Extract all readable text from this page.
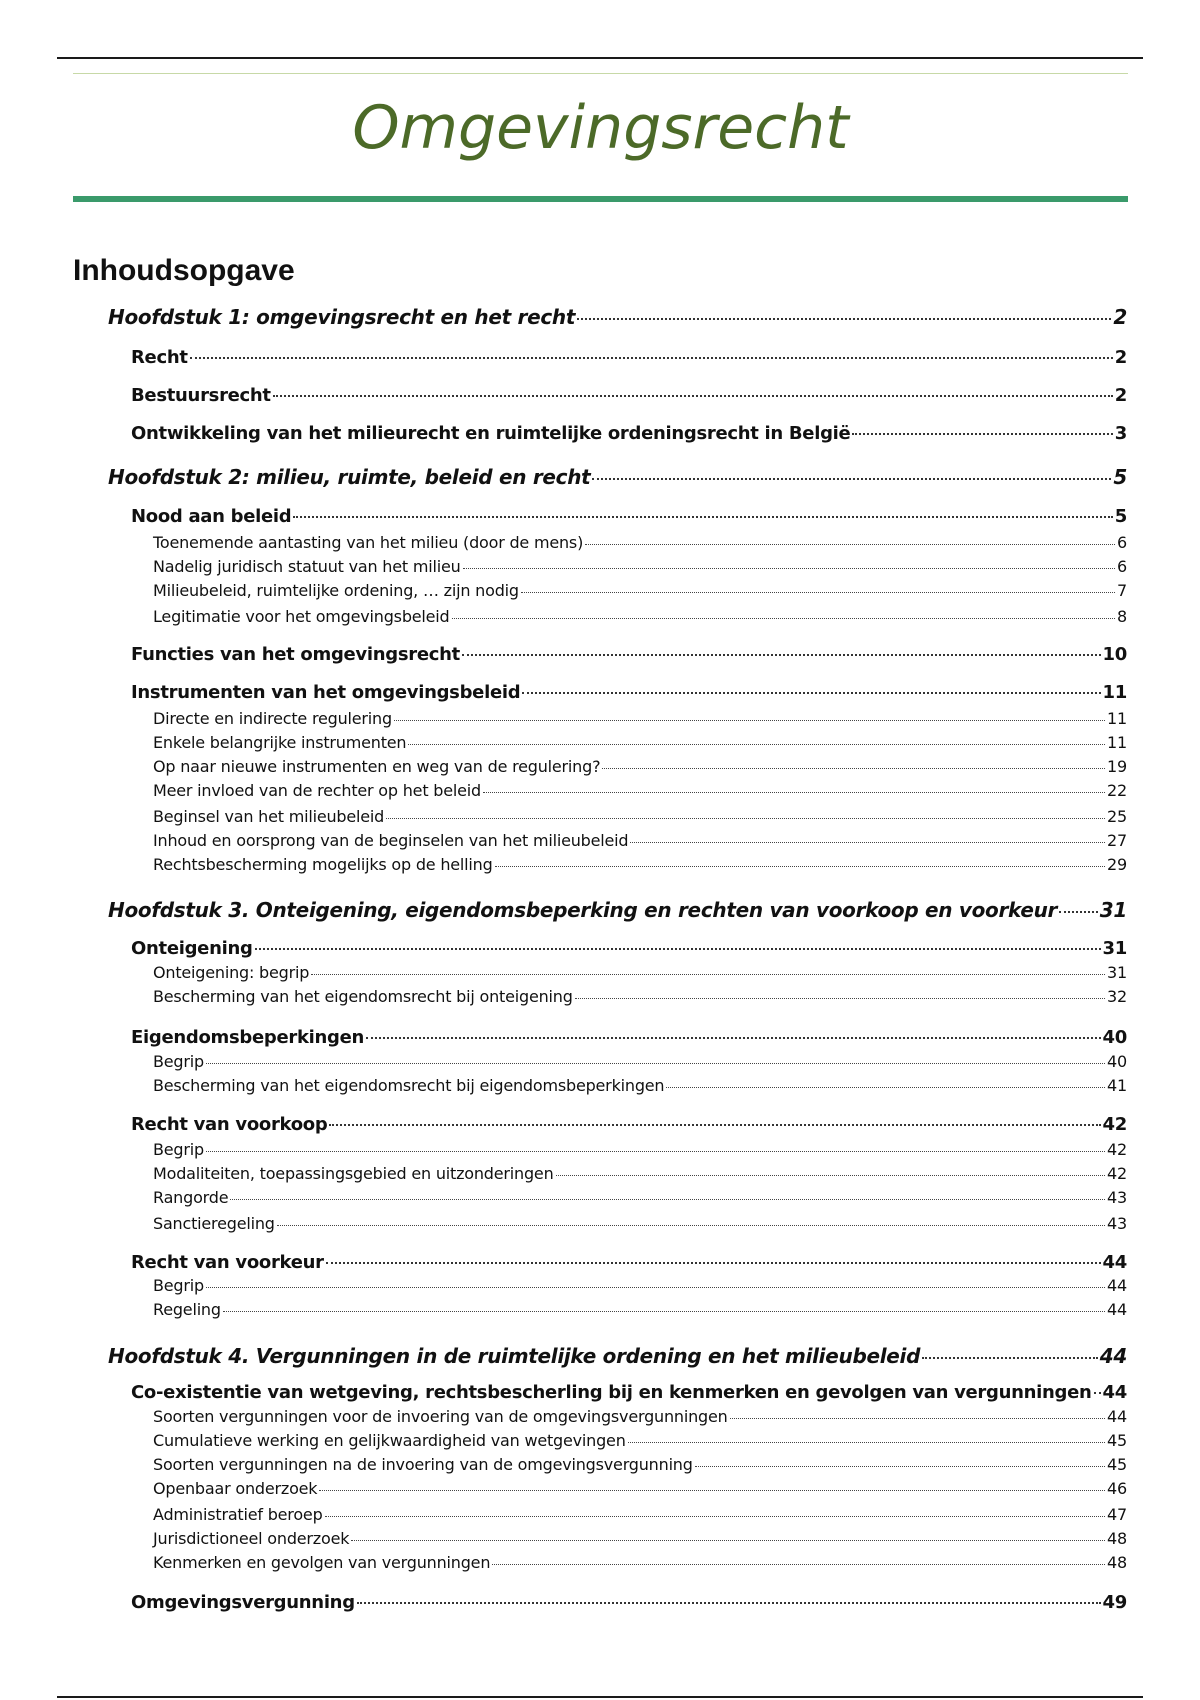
Omgevingsrecht
Inhoudsopgave
Hoofdstuk 1: omgevingsrecht en het recht	2
Recht	2
Bestuursrecht	2
Ontwikkeling van het milieurecht en ruimtelijke ordeningsrecht in België	3
Hoofdstuk 2: milieu, ruimte, beleid en recht	5
Nood aan beleid	5
Toenemende aantasting van het milieu (door de mens)	6
Nadelig juridisch statuut van het milieu	6
Milieubeleid, ruimtelijke ordening, … zijn nodig	7
Legitimatie voor het omgevingsbeleid	8
Functies van het omgevingsrecht	10
Instrumenten van het omgevingsbeleid	11
Directe en indirecte regulering	11
Enkele belangrijke instrumenten	11
Op naar nieuwe instrumenten en weg van de regulering?	19
Meer invloed van de rechter op het beleid	22
Beginsel van het milieubeleid	25
Inhoud en oorsprong van de beginselen van het milieubeleid	27
Rechtsbescherming mogelijks op de helling	29
Hoofdstuk 3. Onteigening, eigendomsbeperking en rechten van voorkoop en voorkeur 31
Onteigening	31
Onteigening: begrip	31
Bescherming van het eigendomsrecht bij onteigening	32
Eigendomsbeperkingen	40
Begrip	40
Bescherming van het eigendomsrecht bij eigendomsbeperkingen	41
Recht van voorkoop	42
Begrip	42
Modaliteiten, toepassingsgebied en uitzonderingen	42
Rangorde	43
Sanctieregeling	43
Recht van voorkeur	44
Begrip	44
Regeling	44
Hoofdstuk 4. Vergunningen in de ruimtelijke ordening en het milieubeleid	44
Co-existentie van wetgeving, rechtsbescherling bij en kenmerken en gevolgen van vergunningen 44
Soorten vergunningen voor de invoering van de omgevingsvergunningen	44
Cumulatieve werking en gelijkwaardigheid van wetgevingen	45
Soorten vergunningen na de invoering van de omgevingsvergunning	45
Openbaar onderzoek	46
Administratief beroep	47
Jurisdictioneel onderzoek	48
Kenmerken en gevolgen van vergunningen	48
Omgevingsvergunning	49
